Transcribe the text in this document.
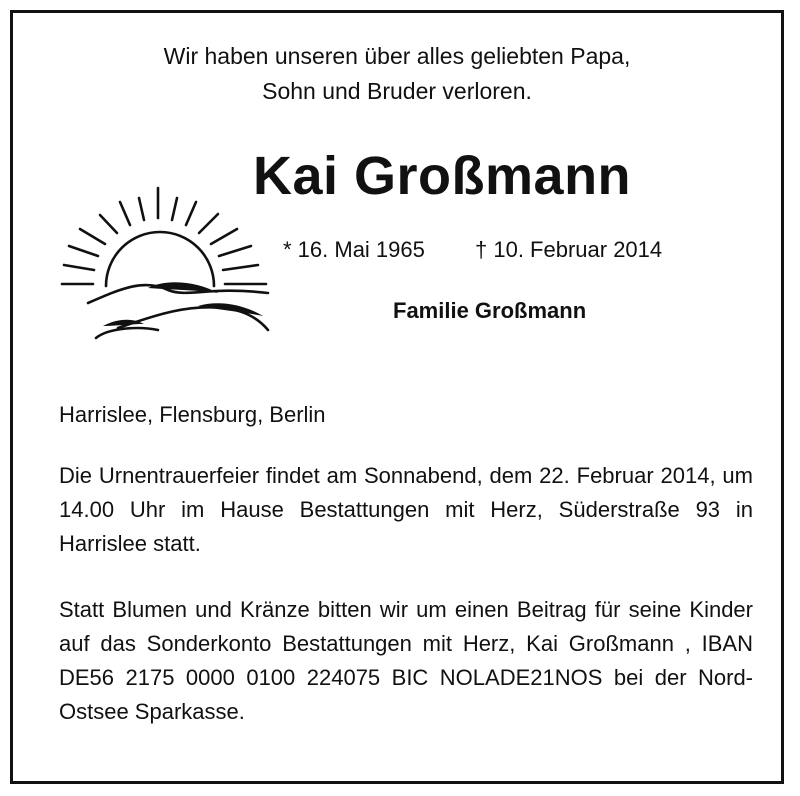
Wir haben unseren über alles geliebten Papa,
Sohn und Bruder verloren.
Kai Großmann
* 16. Mai 1965 † 10. Februar 2014
Familie Großmann
Harrislee, Flensburg, Berlin
Die Urnentrauerfeier findet am Sonnabend, dem 22. Februar 2014, um 14.00 Uhr im Hause Bestattungen mit Herz, Süderstraße 93 in Harrislee statt.
Statt Blumen und Kränze bitten wir um einen Beitrag für seine Kinder auf das Sonderkonto Bestattungen mit Herz, Kai Großmann , IBAN DE56 2175 0000 0100 224075 BIC NOLADE21NOS bei der Nord-Ostsee Sparkasse.
